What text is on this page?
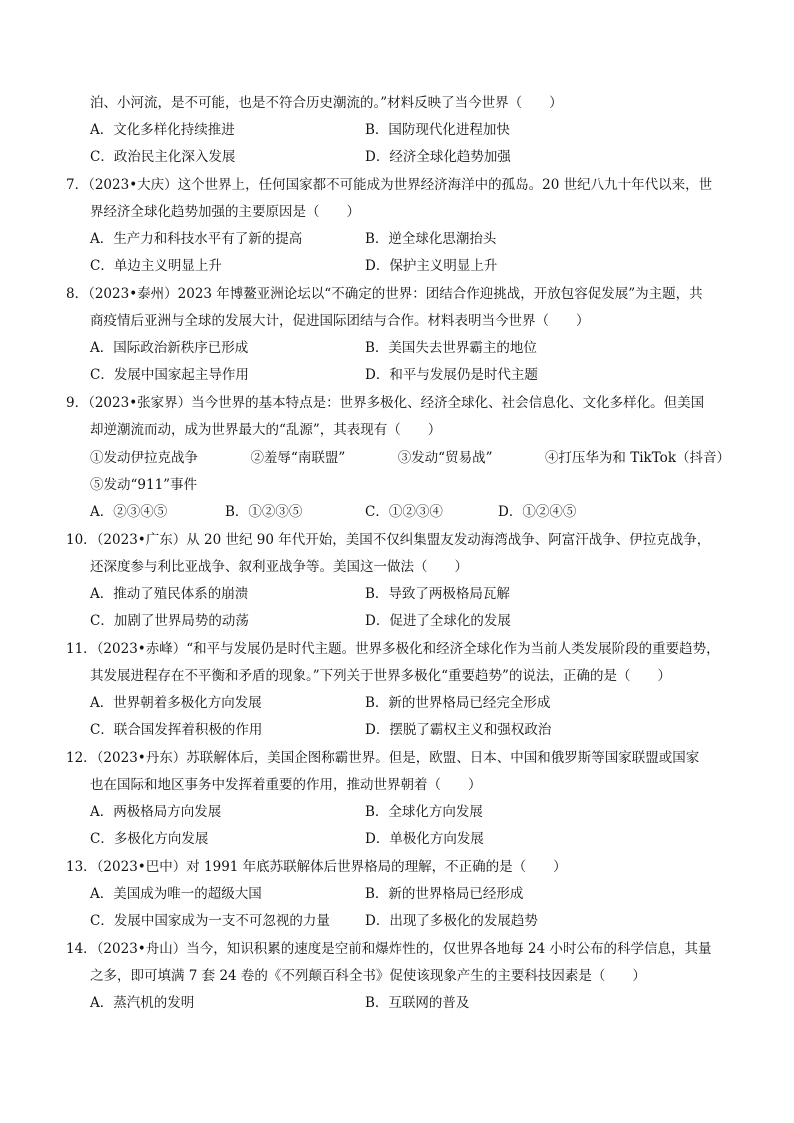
泊、小河流，是不可能，也是不符合历史潮流的。”材料反映了当今世界（　　）
A．文化多样化持续推进	B．国防现代化进程加快
C．政治民主化深入发展	D．经济全球化趋势加强
7．（2023•大庆）这个世界上，任何国家都不可能成为世界经济海洋中的孤岛。20 世纪八九十年代以来，世
界经济全球化趋势加强的主要原因是（　　）
A．生产力和科技水平有了新的提高	B．逆全球化思潮抬头
C．单边主义明显上升	D．保护主义明显上升
8．（2023•泰州）2023 年博鳌亚洲论坛以“不确定的世界：团结合作迎挑战，开放包容促发展”为主题，共
商疫情后亚洲与全球的发展大计，促进国际团结与合作。材料表明当今世界（　　）
A．国际政治新秩序已形成	B．美国失去世界霸主的地位
C．发展中国家起主导作用	D．和平与发展仍是时代主题
9．（2023•张家界）当今世界的基本特点是：世界多极化、经济全球化、社会信息化、文化多样化。但美国
却逆潮流而动，成为世界最大的“乱源”，其表现有（　　）
①发动伊拉克战争	②羞辱“南联盟”	③发动“贸易战”	④打压华为和 TikTok（抖音）
⑤发动“911”事件
A．②③④⑤	B．①②③⑤	C．①②③④	D．①②④⑤
10．（2023•广东）从 20 世纪 90 年代开始，美国不仅纠集盟友发动海湾战争、阿富汗战争、伊拉克战争，
还深度参与利比亚战争、叙利亚战争等。美国这一做法（　　）
A．推动了殖民体系的崩溃	B．导致了两极格局瓦解
C．加剧了世界局势的动荡	D．促进了全球化的发展
11．（2023•赤峰）“和平与发展仍是时代主题。世界多极化和经济全球化作为当前人类发展阶段的重要趋势，
其发展进程存在不平衡和矛盾的现象。”下列关于世界多极化“重要趋势”的说法，正确的是（　　）
A．世界朝着多极化方向发展	B．新的世界格局已经完全形成
C．联合国发挥着积极的作用	D．摆脱了霸权主义和强权政治
12．（2023•丹东）苏联解体后，美国企图称霸世界。但是，欧盟、日本、中国和俄罗斯等国家联盟或国家
也在国际和地区事务中发挥着重要的作用，推动世界朝着（　　）
A．两极格局方向发展	B．全球化方向发展
C．多极化方向发展	D．单极化方向发展
13．（2023•巴中）对 1991 年底苏联解体后世界格局的理解，不正确的是（　　）
A．美国成为唯一的超级大国	B．新的世界格局已经形成
C．发展中国家成为一支不可忽视的力量	D．出现了多极化的发展趋势
14．（2023•舟山）当今，知识积累的速度是空前和爆炸性的，仅世界各地每 24 小时公布的科学信息，其量
之多，即可填满 7 套 24 卷的《不列颠百科全书》促使该现象产生的主要科技因素是（　　）
A．蒸汽机的发明	B．互联网的普及
